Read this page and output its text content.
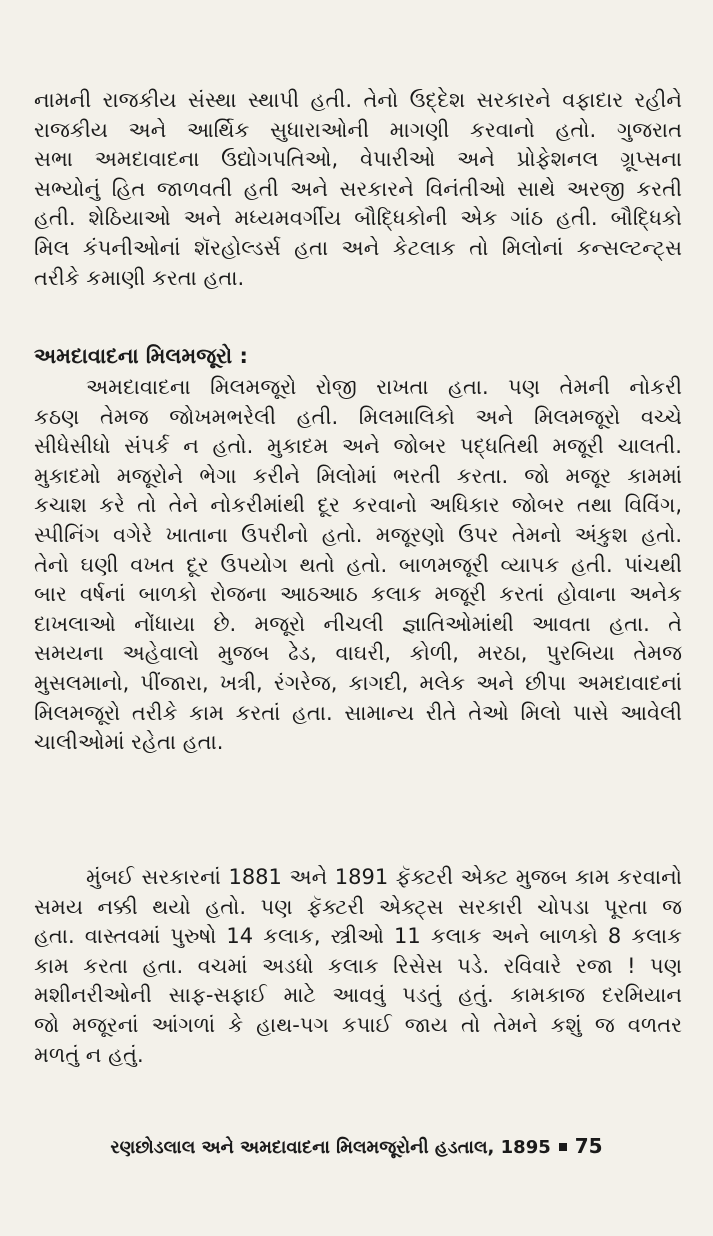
નામની રાજકીય સંસ્થા સ્થાપી હતી. તેનો ઉદ્દેશ સરકારને વફાદાર રહીને
રાજકીય અને આર્થિક સુધારાઓની માગણી કરવાનો હતો. ગુજરાત
સભા અમદાવાદના ઉદ્યોગપતિઓ, વેપારીઓ અને પ્રોફેશનલ ગ્રૂપ્સના
સભ્યોનું હિત જાળવતી હતી અને સરકારને વિનંતીઓ સાથે અરજી કરતી
હતી. શેઠિયાઓ અને મધ્યમવર્ગીય બૌદ્ધિકોની એક ગાંઠ હતી. બૌદ્ધિકો
મિલ કંપનીઓનાં શૅરહોલ્ડર્સ હતા અને કેટલાક તો મિલોનાં કન્સલ્ટન્ટ્સ
તરીકે કમાણી કરતા હતા.
અમદાવાદના મિલમજૂરો :
અમદાવાદના મિલમજૂરો રોજી રાખતા હતા. પણ તેમની નોકરી
કઠણ તેમજ જોખમભરેલી હતી. મિલમાલિકો અને મિલમજૂરો વચ્ચે
સીધેસીધો સંપર્ક ન હતો. મુકાદમ અને જોબર પદ્ધતિથી મજૂરી ચાલતી.
મુકાદમો મજૂરોને ભેગા કરીને મિલોમાં ભરતી કરતા. જો મજૂર કામમાં
કચાશ કરે તો તેને નોકરીમાંથી દૂર કરવાનો અધિકાર જોબર તથા વિવિંગ,
સ્પીનિંગ વગેરે ખાતાના ઉપરીનો હતો. મજૂરણો ઉપર તેમનો અંકુશ હતો.
તેનો ઘણી વખત દૂર ઉપયોગ થતો હતો. બાળમજૂરી વ્યાપક હતી. પાંચથી
બાર વર્ષનાં બાળકો રોજના આઠઆઠ કલાક મજૂરી કરતાં હોવાના અનેક
દાખલાઓ નોંધાયા છે. મજૂરો નીચલી જ્ઞાતિઓમાંથી આવતા હતા. તે
સમયના અહેવાલો મુજબ ઢેડ, વાઘરી, કોળી, મરઠા, પુરબિયા તેમજ
મુસલમાનો, પીંજારા, ખત્રી, રંગરેજ, કાગદી, મલેક અને છીપા અમદાવાદનાં
મિલમજૂરો તરીકે કામ કરતાં હતા. સામાન્ય રીતે તેઓ મિલો પાસે આવેલી
ચાલીઓમાં રહેતા હતા.
મુંબઈ સરકારનાં 1881 અને 1891 ફૅક્ટરી એક્ટ મુજબ કામ કરવાનો
સમય નક્કી થયો હતો. પણ ફૅક્ટરી એક્ટ્સ સરકારી ચોપડા પૂરતા જ
હતા. વાસ્તવમાં પુરુષો 14 કલાક, સ્ત્રીઓ 11 કલાક અને બાળકો 8 કલાક
કામ કરતા હતા. વચમાં અડધો કલાક રિસેસ પડે. રવિવારે રજા ! પણ
મશીનરીઓની સાફ-સફાઈ માટે આવવું પડતું હતું. કામકાજ દરમિયાન
જો મજૂરનાં આંગળાં કે હાથ-પગ કપાઈ જાય તો તેમને કશું જ વળતર
મળતું ન હતું.
રણછોડલાલ અને અમદાવાદના મિલમજૂરોની હડતાલ, 1895 75
